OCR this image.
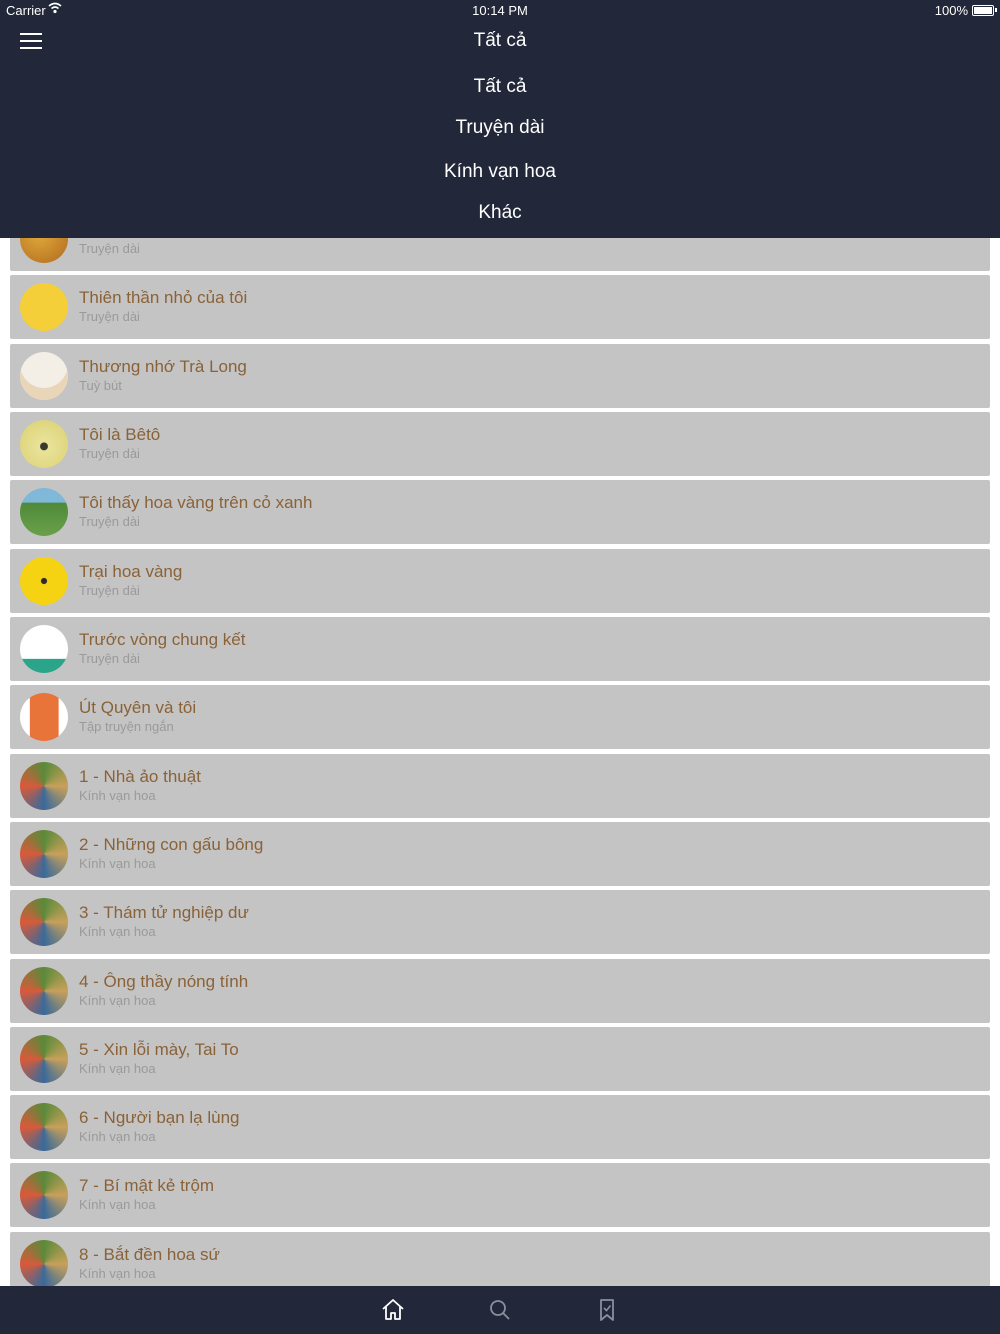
Carrier	10:14 PM	100%
Tất cả
Tất cả
Truyện dài
Kính vạn hoa
Khác
Truyện dài
Thiên thần nhỏ của tôi
Truyện dài
Thương nhớ Trà Long
Tuỳ bút
Tôi là Bêtô
Truyện dài
Tôi thấy hoa vàng trên cỏ xanh
Truyện dài
Trại hoa vàng
Truyện dài
Trước vòng chung kết
Truyện dài
Út Quyên và tôi
Tập truyện ngắn
1 - Nhà ảo thuật
Kính vạn hoa
2 - Những con gấu bông
Kính vạn hoa
3 - Thám tử nghiệp dư
Kính vạn hoa
4 - Ông thầy nóng tính
Kính vạn hoa
5 - Xin lỗi mày, Tai To
Kính vạn hoa
6 - Người bạn lạ lùng
Kính vạn hoa
7 - Bí mật kẻ trộm
Kính vạn hoa
8 - Bắt đền hoa sứ
Kính vạn hoa
